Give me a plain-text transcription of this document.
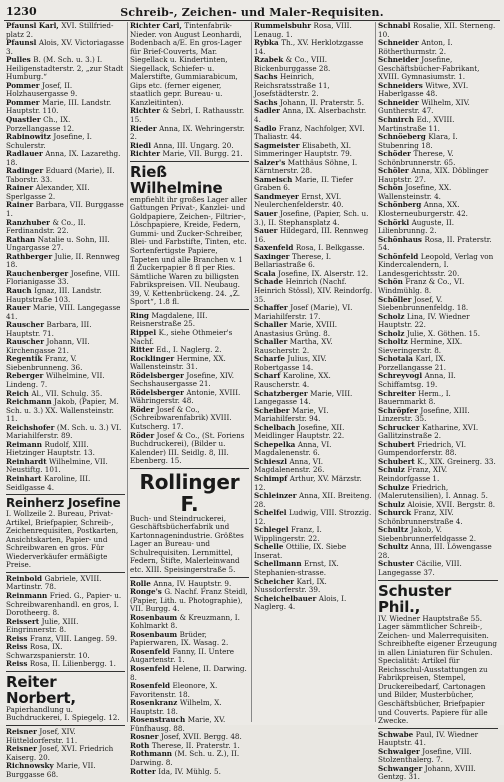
1230	Schreib-, Zeichen- und Maler-Requisiten.

Pfaunsl Karl, XVI. Stillfried-platz 2.

Pfaunsl Alois, XV. Victoriagasse 3.

Pulles B. (M. Sch. u. 3.) I. Heiligenstadterstr. 2, „zur Stadt Humburg.“

Pommer Josef, II. Holzhausergasse 9.

Pommer Marie, III. Landstr. Hauptstr. 110.

Quastler Ch., IX. Porzellangasse 12.

Rabinowitz Josefine, I. Schulerstr.

Radlauer Anna, IX. Lazarethg. 18.

Radinger Eduard (Marie), II. Taborstr. 33.

Rainer Alexander, XII. Sperlgasse 2.

Rainer Barbara, VII. Burggasse 1.

Ranzhuber & Co., II. Ferdinandstr. 22.

Rathan Natalie u. Sohn, III. Ungargasse 27.

Rathberger Julie, II. Rennweg 18.

Rauchenberger Josefine, VIII. Florianigasse 33.

Rauch Ignaz, III. Landstr. Hauptstraße 103.

Rauer Marie, VIII. Langegasse 41.

Rauscher Barbara, III. Hauptstr. 71.

Rauscher Johann, VII. Kirchengasse 21.

Regentik Franz, V. Siebenbrunneng. 36.

Reberger Wilhelmine, VII. Lindeng. 7.

Reich Al., VII. Schulg. 35.

Reichmann Jakob, (Papier, M. Sch. u. 3.) XX. Wallensteinstr. 11.

Reichshofer (M. Sch. u. 3.) VI. Mariahilferstr. 89.

Reimann Rudolf, XIII. Hietzinger Hauptstr. 13.

Reinhardt Wilhelmine, VII. Neustiftg. 101.

Reinhart Karoline, III. Seidlgasse 4.

Reinherz Josefine
I. Wollzeile 2. Bureau, Privat-Artikel, Briefpapier, Schreib-, Zeichenrequisiten, Postkarten, Ansichtskarten, Papier- und Schreibwaren en gros. Für Wiederverkäufer ermäßigte Preise.

Reinbold Gabriele, XVIII. Martinstr. 78.

Reinmann Fried. G., Papier- u. Schreibwarenhandl. en gros, I. Dorotheerg. 8.

Reissert Julie, XIII. Eingrinnerstr. 8.

Reiss Franz, VIII. Langeg. 59.

Reiss Rosa, IX. Schwarzspanierstr. 10.

Reiss Rosa, II. Lilienbergg. 1.

Reiter Norbert,
Papierhandlung u. Buchdruckerei, I. Spiegelg. 12.

Reisner Josef, XIV. Hütteldorferstr. 11.

Reisner Josef, XVI. Friedrich Kaiserg. 20.

Richnowsky Marie, VII. Burggasse 68.

Richter Carl, Tintenfabrik-Nieder. von August Leonhardi, Bodenbach a/E. En gros-Lager für Brief-Couverts, Mar. Siegellack u. Kindertinten, Siegellack, Schiefer- u. Malerstifte, Gummiarabicum, Gips etc. (ferner eigener, staatlich gepr. Bureau- u. Kanzleitinten).

Richter & Sebrl, I. Rathausstr. 15.

Rieder Anna, IX. Wehringerstr. 2.

Riedl Anna, III. Ungarg. 20.

Richter Marie, VII. Burgg. 21.

Rieß Wilhelmine
empfiehlt ihr großes Lager aller Gattungen Privat-, Kanzlei- und Goldpapiere, Zeichen-, Filtrier-, Löschpapiere, Kreide, Federn, Gummi- und Zucker-Schreiber, Blei- und Farbstifte, Tinten, etc. Sortenfertigste Papiere, Tapeten und alle Branchen v. 1 fl Zuckerpapier 8 fl per Ries. Sämtliche Waren zu billigsten Fabrikspreisen. VII. Neubaug. 39, V. Kettenbrückeng. 24. „Z. Sport“, 1.8 fl.

Ring Magdalene, III. Reisnerstraße 25.

Rippel K., siehe Othmeier's Nachf.

Ritter Ed., I. Naglerg. 2.

Rocklinger Hermine, XX. Wallensteinstr. 31.

Rödelsberger Josefine, XIV. Sechshausergasse 21.

Rödelsberger Antonie, XVIII. Währingerstr. 48.

Röder Josef & Co., (Schreibwarenfabrik) XVIII. Kutscherg. 17.

Röder Josef & Co., (St. Foriens Buchdruckerei), (Bilder u. Kalender) III. Seidlg. 8, III. Ebenberg. 15.

Rollinger F.
Buch- und Steindruckerei, Geschäftsbücherfabrik und Kartonnagenindustrie. Größtes Lager an Bureau- und Schulrequisiten. Lernmittel, Federn, Stifte, Malerleinwand etc. XIII. Speisingerstraße 5.

Rolle Anna, IV. Hauptstr. 9.

Ronge's G. Nachf. Franz Steidl, (Papier, Lith. u. Photographie), VII. Burgg. 4.

Rosenbaum & Kreuzmann, I. Kohlmarkt 8.

Rosenbaum Brüder, Papierwaren, IX. Wasag. 2.

Rosenfeld Fanny, II. Untere Augartenstr. 1.

Rosenfeld Helene, II. Darwing. 8.

Rosenfeld Eleonore, X. Favoritenstr. 18.

Rosenkranz Wilhelm, X. Hauptstr. 18.

Rosenstrauch Marie, XV. Fünfhausg. 88.

Rosner Josef, XVII. Bergg. 48.

Roth Therese, II. Praterstr. 1.

Rothmann (M. Sch. u. Z.), II. Darwing. 8.

Rotter Ida, IV. Mühlg. 5.

Rummelsbuhr Rosa, VIII. Lenaug. 1.

Rybka Th., XV. Herklotzgasse 14.

Rzabek & Co., VIII. Bickenburggasse 28.

Sachs Heinrich, Reichsratsstraße 11, Josefstädterstr. 2.

Sachs Johann, II. Praterstr. 5.

Sadler Anna, IX. Alserbachstr. 4.

Sadlo Franz, Nachfolger, XVI. Thaliastr. 44.

Sagmeister Elisabeth, XI. Simmeringer Hauptstr. 79.

Salzer's Matthäus Söhne, I. Kärntnerstr. 28.

Sameisch Marie, II. Tiefer Graben 6.

Sandmeyer Ernst, XVI. Neulerchenfelderstr. 40.

Sauer Josefine, (Papier, Sch. u. 3.), II. Stephansplatz 4.

Sauer Hildegard, III. Rennweg 16.

Saxenfeld Rosa, I. Belkgasse.

Saxinger Therese, I. Bellariastraße 6.

Scala Josefine, IX. Alserstr. 12.

Schade Heinrich (Nachf. Heinrich Stössl), XIV. Reindorfg. 35.

Schaffer Josef (Marie), VI. Mariahilferstr. 17.

Schaller Marie, XVIII. Anastasius Grüng. 8.

Schaller Martha, XV. Rauscherstr. 2.

Scharfe Julius, XIV. Robertgasse 14.

Scharf Karoline, XX. Rauscherstr. 4.

Schatzberger Marie, VIII. Langegasse 14.

Scheiber Marie, VI. Mariahilferstr. 94.

Schelbach Josefine, XII. Meidlinger Hauptstr. 22.

Schepelka Anna, VI. Magdalenenstr. 6.

Schieszl Anna, VI. Magdalenenstr. 26.

Schimpf Arthur, XV. Märzstr. 12.

Schleinzer Anna, XII. Breiteng. 28.

Schelfel Ludwig, VIII. Strozzig. 12.

Schlegel Franz, I. Wipplingerstr. 22.

Schelle Ottilie, IX. Siebe Inserat.

Schellmann Ernst, IX. Stephanien-strasse.

Scheicher Karl, IX. Nussdorferstr. 39.

Scheichelbauer Alois, I. Naglerg. 4.

Schnabl Rosalie, XII. Sterneng. 10.

Schneider Anton, I. Rötherthurmstr. 2.

Schneider Josefine, Geschäftsbücher-Fabrikant, XVIII. Gymnasiumstr. 1.

Schneiders Witwe, XVI. Haberlgasse 48.

Schneider Wilhelm, XIV. Guntherstr. 47.

Schnirch Ed., XVIII. Martinstraße 11.

Schnöeberg Klara, I. Stubenring 18.

Schöder Therese, V. Schönbrunnerstr. 65.

Schöler Anna, XIX. Döblinger Hauptstr. 27.

Schön Josefine, XX. Wallensteinstr. 4.

Schönberg Anna, XX. Klosterneuburgerstr. 42.

Schörkl Auguste, II. Lilienbrunng. 2.

Schönhaus Rosa, II. Praterstr. 54.

Schönfeld Leopold, Verlag von Kindercalendern, I. Landesgerichtsstr. 20.

Schön Franz & Co., VI. Windmühlg. 8.

Schöller Josef, V. Siebenbrunnenfeldg. 18.

Scholz Lina, IV. Wiedner Hauptstr. 22.

Scholz Julie, X. Göthen. 15.

Scholtz Hermine, XIX. Sieveringerstr. 8.

Schotala Karl, IX. Porzellangasse 21.

Schreyvogl Anna, II. Schiffamtsg. 19.

Schreiter Herm., I. Bauernmarkt 8.

Schröpfer Josefine, XIII. Linzerstr. 35.

Schrucker Katharine, XVI. Gallitzinstraße 2.

Schubert Friedrich, VI. Gumpendorferstr. 88.

Schubert K., XIX. Greinerg. 33.

Schulz Franz, XIV. Reindorfgasse 1.

Schulze Friedrich, (Malerutensilien), I. Annag. 5.

Schulz Aloisie, XVII. Bergstr. 8.

Schurck Franz, XIV. Schönbrunnerstraße 4.

Schultz Jakob, V. Siebenbrunnerfeldgasse 2.

Schultz Anna, III. Löwengasse 28.

Schuster Cäcilie, VIII. Langegasse 37.

Schuster Phil.,
IV. Wiedner Hauptstraße 55. Lager sämmtlicher Schreib-, Zeichen- und Malerrequisiten. Schreibhefte eigener Erzeugung in allen Liniaturen für Schulen. Specialität: Artikel für Reichsschul-Ausstattungen zu Fabrikpreisen, Stempel, Druckereibedarf, Cartonagen und Bilder, Musterbücher, Geschäftsbücher, Briefpapier und Couverts. Papiere für alle Zwecke.

Schwabe Paul, IV. Wiedner Hauptstr. 41.

Schwaiger Josefine, VIII. Stolzenthalerg. 7.

Schwanger Johann, XVIII. Gentzg. 31.
